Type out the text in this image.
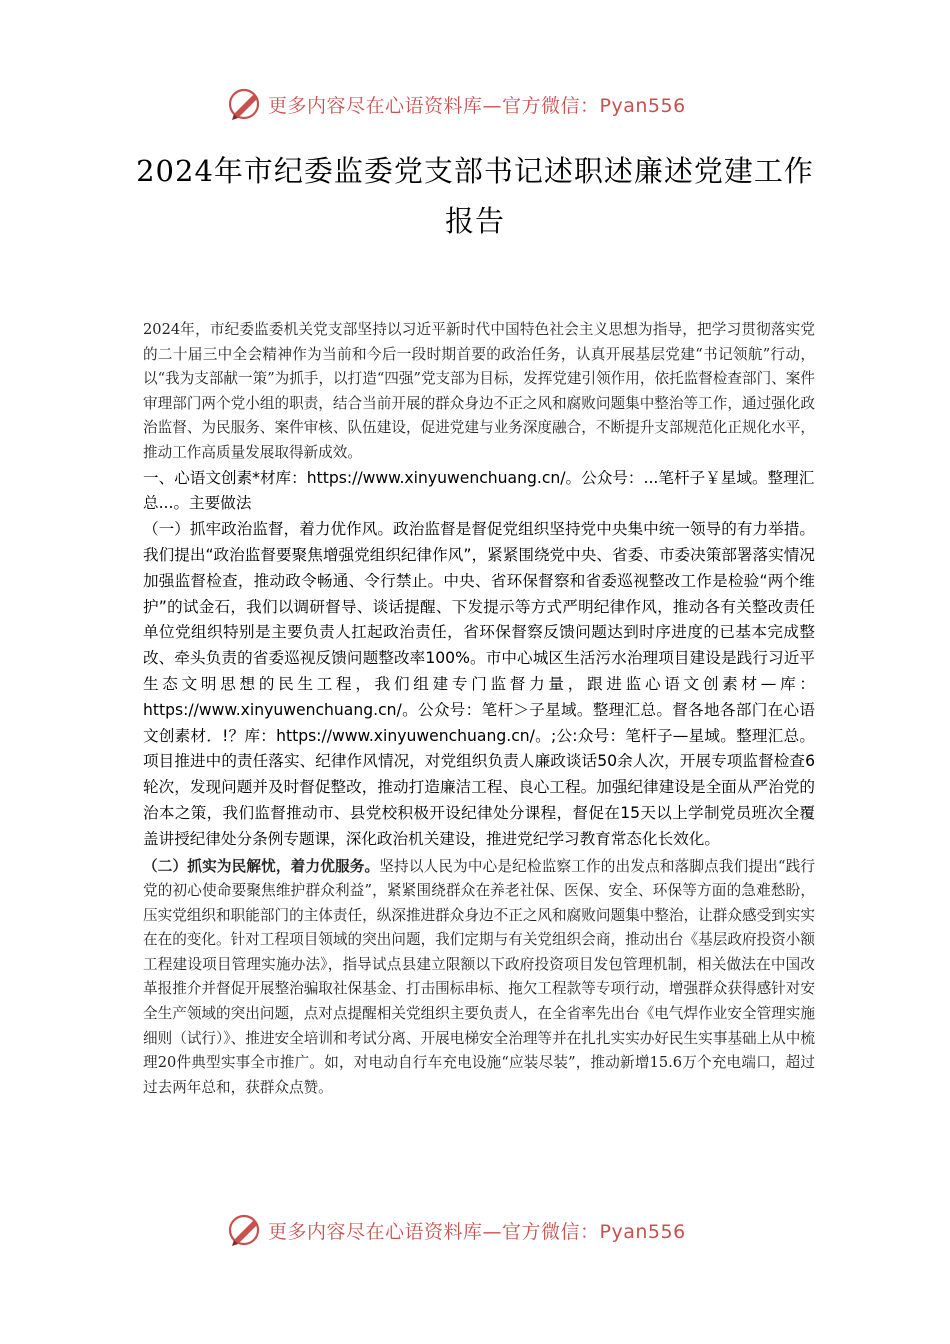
更多内容尽在心语资料库—官方微信：Pyan556
2024年市纪委监委党支部书记述职述廉述党建工作
报告

2024年，市纪委监委机关党支部坚持以习近平新时代中国特色社会主义思想为指导，把学习贯彻落实党的二十届三中全会精神作为当前和今后一段时期首要的政治任务，认真开展基层党建“书记领航”行动，以“我为支部献一策”为抓手，以打造“四强”党支部为目标，发挥党建引领作用，依托监督检查部门、案件审理部门两个党小组的职责，结合当前开展的群众身边不正之风和腐败问题集中整治等工作，通过强化政治监督、为民服务、案件审核、队伍建设，促进党建与业务深度融合，不断提升支部规范化正规化水平，推动工作高质量发展取得新成效。

一、心语文创素*材库：https://www.xinyuwenchuang.cn/。公众号：...笔杆子￥星域。整理汇总...。主要做法

（一）抓牢政治监督，着力优作风。政治监督是督促党组织坚持党中央集中统一领导的有力举措。我们提出“政治监督要聚焦增强党组织纪律作风”，紧紧围绕党中央、省委、市委决策部署落实情况加强监督检查，推动政令畅通、令行禁止。中央、省环保督察和省委巡视整改工作是检验“两个维护”的试金石，我们以调研督导、谈话提醒、下发提示等方式严明纪律作风，推动各有关整改责任单位党组织特别是主要负责人扛起政治责任，省环保督察反馈问题达到时序进度的已基本完成整改、牵头负责的省委巡视反馈问题整改率100%。市中心城区生活污水治理项目建设是践行习近平生态文明思想的民生工程，我们组建专门监督力量，跟进监心语文创素材—库：https://www.xinyuwenchuang.cn/。公众号：笔杆＞子星域。整理汇总。督各地各部门在心语文创素材．!？库：https://www.xinyuwenchuang.cn/。;公:众号：笔杆子—星域。整理汇总。项目推进中的责任落实、纪律作风情况，对党组织负责人廉政谈话50余人次，开展专项监督检查6轮次，发现问题并及时督促整改，推动打造廉洁工程、良心工程。加强纪律建设是全面从严治党的治本之策，我们监督推动市、县党校积极开设纪律处分课程，督促在15天以上学制党员班次全覆盖讲授纪律处分条例专题课，深化政治机关建设，推进党纪学习教育常态化长效化。

（二）抓实为民解忧，着力优服务。坚持以人民为中心是纪检监察工作的出发点和落脚点我们提出“践行党的初心使命要聚焦维护群众利益”，紧紧围绕群众在养老社保、医保、安全、环保等方面的急难愁盼，压实党组织和职能部门的主体责任，纵深推进群众身边不正之风和腐败问题集中整治，让群众感受到实实在在的变化。针对工程项目领域的突出问题，我们定期与有关党组织会商，推动出台《基层政府投资小额工程建设项目管理实施办法》，指导试点县建立限额以下政府投资项目发包管理机制，相关做法在中国改革报推介并督促开展整治骗取社保基金、打击围标串标、拖欠工程款等专项行动，增强群众获得感针对安全生产领域的突出问题，点对点提醒相关党组织主要负责人，在全省率先出台《电气焊作业安全管理实施细则（试行）》、推进安全培训和考试分离、开展电梯安全治理等并在扎扎实实办好民生实事基础上从中梳理20件典型实事全市推广。如，对电动自行车充电设施“应装尽装”，推动新增15.6万个充电端口，超过过去两年总和，获群众点赞。

更多内容尽在心语资料库—官方微信：Pyan556
